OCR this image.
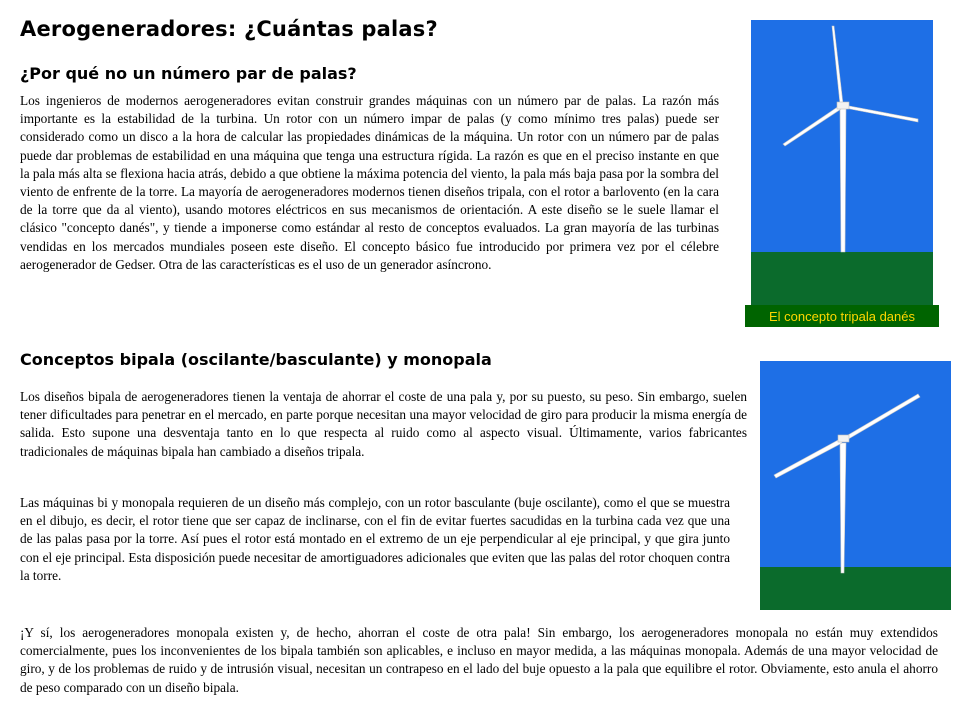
Aerogeneradores: ¿Cuántas palas?
¿Por qué no un número par de palas?

Los ingenieros de modernos aerogeneradores evitan construir grandes máquinas con un número par de palas. La razón más importante es la estabilidad de la turbina. Un rotor con un número impar de palas (y como mínimo tres palas) puede ser considerado como un disco a la hora de calcular las propiedades dinámicas de la máquina. Un rotor con un número par de palas puede dar problemas de estabilidad en una máquina que tenga una estructura rígida. La razón es que en el preciso instante en que la pala más alta se flexiona hacia atrás, debido a que obtiene la máxima potencia del viento, la pala más baja pasa por la sombra del viento de enfrente de la torre. La mayoría de aerogeneradores modernos tienen diseños tripala, con el rotor a barlovento (en la cara de la torre que da al viento), usando motores eléctricos en sus mecanismos de orientación. A este diseño se le suele llamar el clásico "concepto danés", y tiende a imponerse como estándar al resto de conceptos evaluados. La gran mayoría de las turbinas vendidas en los mercados mundiales poseen este diseño. El concepto básico fue introducido por primera vez por el célebre aerogenerador de Gedser. Otra de las características es el uso de un generador asíncrono.

El concepto tripala danés
Conceptos bipala (oscilante/basculante) y monopala

Los diseños bipala de aerogeneradores tienen la ventaja de ahorrar el coste de una pala y, por su puesto, su peso. Sin embargo, suelen tener dificultades para penetrar en el mercado, en parte porque necesitan una mayor velocidad de giro para producir la misma energía de salida. Esto supone una desventaja tanto en lo que respecta al ruido como al aspecto visual. Últimamente, varios fabricantes tradicionales de máquinas bipala han cambiado a diseños tripala.

Las máquinas bi y monopala requieren de un diseño más complejo, con un rotor basculante (buje oscilante), como el que se muestra en el dibujo, es decir, el rotor tiene que ser capaz de inclinarse, con el fin de evitar fuertes sacudidas en la turbina cada vez que una de las palas pasa por la torre. Así pues el rotor está montado en el extremo de un eje perpendicular al eje principal, y que gira junto con el eje principal. Esta disposición puede necesitar de amortiguadores adicionales que eviten que las palas del rotor choquen contra la torre.

¡Y sí, los aerogeneradores monopala existen y, de hecho, ahorran el coste de otra pala! Sin embargo, los aerogeneradores monopala no están muy extendidos comercialmente, pues los inconvenientes de los bipala también son aplicables, e incluso en mayor medida, a las máquinas monopala. Además de una mayor velocidad de giro, y de los problemas de ruido y de intrusión visual, necesitan un contrapeso en el lado del buje opuesto a la pala que equilibre el rotor. Obviamente, esto anula el ahorro de peso comparado con un diseño bipala.
